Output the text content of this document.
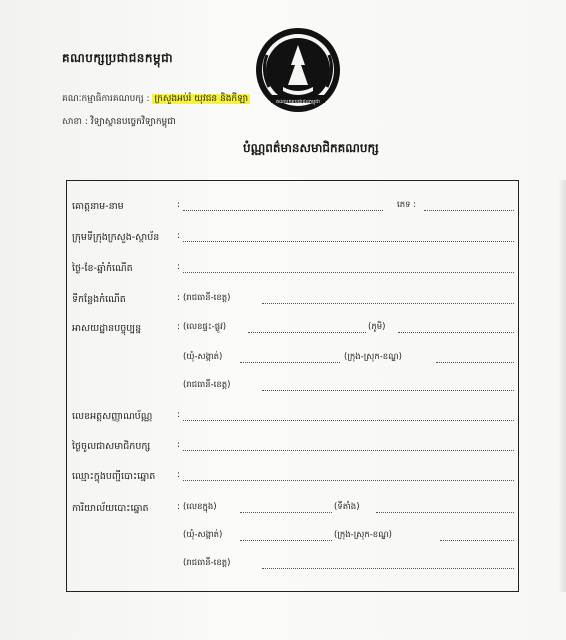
គណបក្សប្រជាជនកម្ពុជា
គណៈកម្មាធិការគណបក្ស : ក្រសួងអប់រំ យុវជន និងកីឡា
សាខា : វិទ្យាស្ថានបច្ចេកវិទ្យាកម្ពុជា
គណបក្សប្រជាជនកម្ពុជា
បំណ្ណពត៌មានសមាជិកគណបក្ស
គោត្តនាម-នាម	:	ភេទ :
ក្រុមទីក្រុងក្រសួង-ស្ថាប័ន :
ថ្ងៃ-ខែ-ឆ្នាំកំណើត	:
ទីកន្លែងកំណើត	: (រាជធានី-ខេត្ត)
អាសយដ្ឋានបច្ចុប្បន្ន	: (លេខផ្ទះ-ផ្លូវ)	(ភូមិ)
(ឃុំ-សង្កាត់)	(ក្រុង-ស្រុក-ខណ្ឌ)
(រាជធានី-ខេត្ត)
លេខអត្តសញ្ញាណប័ណ្ណ	:
ថ្ងៃចូលជាសមាជិកបក្ស	:
ឈ្មោះក្នុងបញ្ជីបោះឆ្នោត :
ការិយាល័យបោះឆ្នោត	: (លេខក្នុង)	(ទីតាំង)
(ឃុំ-សង្កាត់)	(ក្រុង-ស្រុក-ខណ្ឌ)
(រាជធានី-ខេត្ត)
